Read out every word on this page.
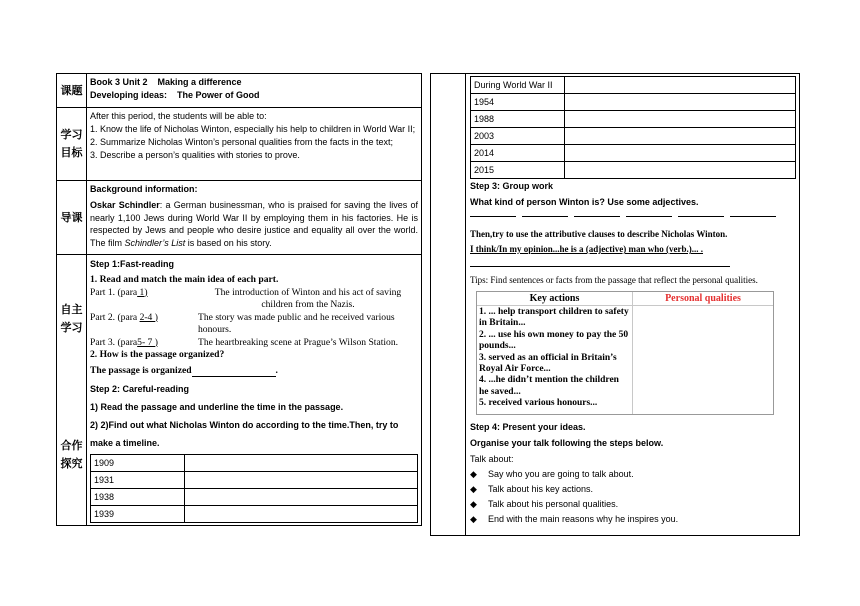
课题	
Book 3 Unit 2    Making a difference
Developing ideas:    The Power of Good

学习目标

After this period, the students will be able to:
1. Know the life of Nicholas Winton, especially his help to children in World War II;
2. Summarize Nicholas Winton’s personal qualities from the facts in the text;
3. Describe a person’s qualities with stories to prove.

导课	
Background information:
Oskar Schindler: a German businessman, who is praised for saving the lives of nearly 1,100 Jews during World War II by employing them in his factories. He is respected by Jews and people who desire justice and equality all over the world. The film Schindler’s List is based on his story.

自主学习
合作探究

Step 1:Fast-reading
1. Read and match the main idea of each part.
Part 1. (para 1)	The introduction of Winton and his act of saving children from the Nazis.
Part 2. (para 2-4 )	The story was made public and he received various honours.
Part 3. (para5- 7 )	The heartbreaking scene at Prague’s Wilson Station.
2. How is the passage organized?
The passage is organized	.
Step 2: Careful-reading
1) Read the passage and underline the time in the passage.
2) 2)Find out what Nicholas Winton do according to the time.Then, try to
make a timeline.
1909	
1931	
1938	
1939	
During World War II	
1954	
1988	
2003	
2014	
2015	
Step 3: Group work
What kind of person Winton is? Use some adjectives.
Then,try to use the attributive clauses to describe Nicholas Winton.
I think/In my opinion...he is a (adjective) man who (verb.)... .
Tips: Find sentences or facts from the passage that reflect the personal qualities.
Key actions	Personal qualities
1. ... help transport children to safety in Britain...
2. ... use his own money to pay the 50 pounds...
3. served as an official in Britain’s Royal Air Force...
4. ...he didn’t mention the children he saved...
5. received various honours...
Step 4: Present your ideas.
Organise your talk following the steps below.
Talk about:
◆	Say who you are going to talk about.
◆	Talk about his key actions.
◆	Talk about his personal qualities.
◆	End with the main reasons why he inspires you.
